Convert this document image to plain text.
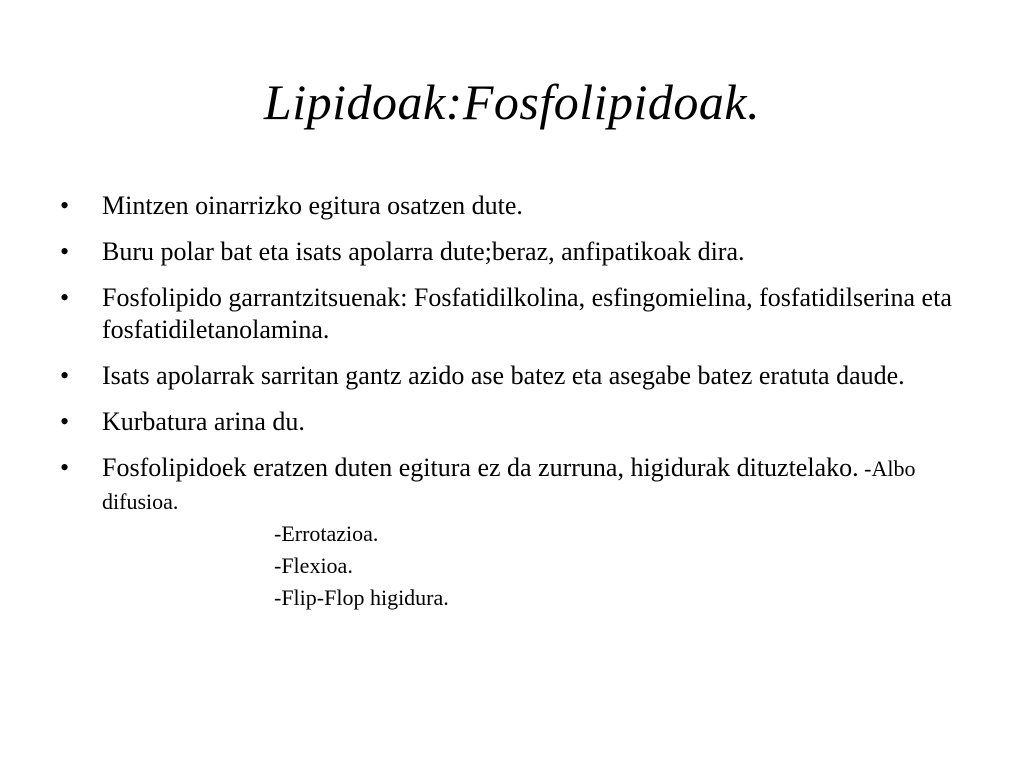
Lipidoak:Fosfolipidoak.
•	Mintzen oinarrizko egitura osatzen dute.
•	Buru polar bat eta isats apolarra dute;beraz, anfipatikoak dira.
•	Fosfolipido garrantzitsuenak: Fosfatidilkolina, esfingomielina, fosfatidilserina eta fosfatidiletanolamina.
•	Isats apolarrak sarritan gantz azido ase batez eta asegabe batez eratuta daude.
•	Kurbatura arina du.
•	Fosfolipidoek eratzen duten egitura ez da zurruna, higidurak dituztelako. -Albo difusioa.
-Errotazioa.
-Flexioa.
-Flip-Flop higidura.
